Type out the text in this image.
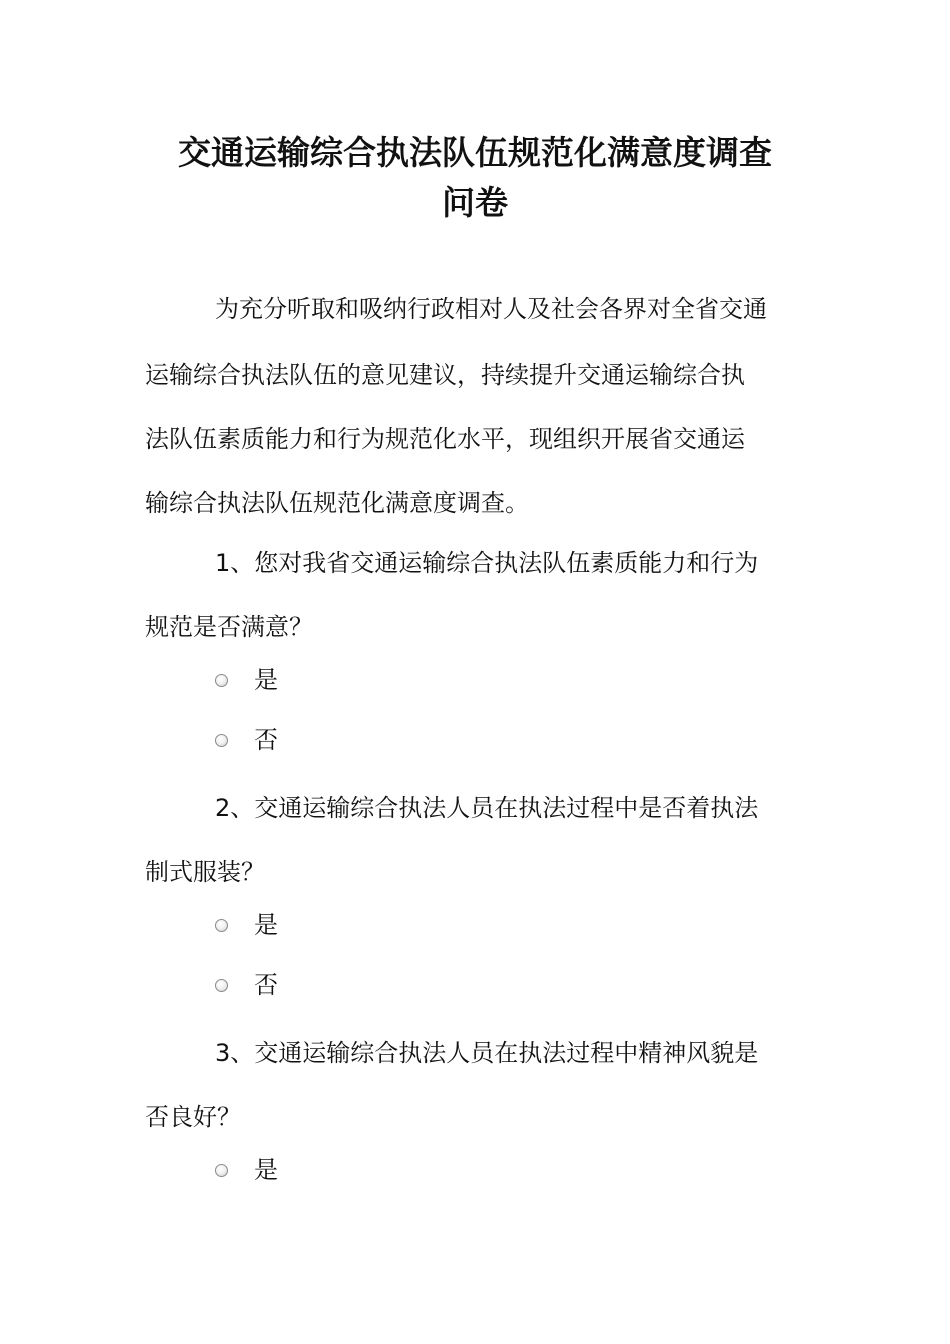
交通运输综合执法队伍规范化满意度调查
问卷

为充分听取和吸纳行政相对人及社会各界对全省交通

运输综合执法队伍的意见建议，持续提升交通运输综合执

法队伍素质能力和行为规范化水平，现组织开展省交通运

输综合执法队伍规范化满意度调查。

1、您对我省交通运输综合执法队伍素质能力和行为

规范是否满意？

是
否

2、交通运输综合执法人员在执法过程中是否着执法

制式服装？

是
否

3、交通运输综合执法人员在执法过程中精神风貌是

否良好？

是
